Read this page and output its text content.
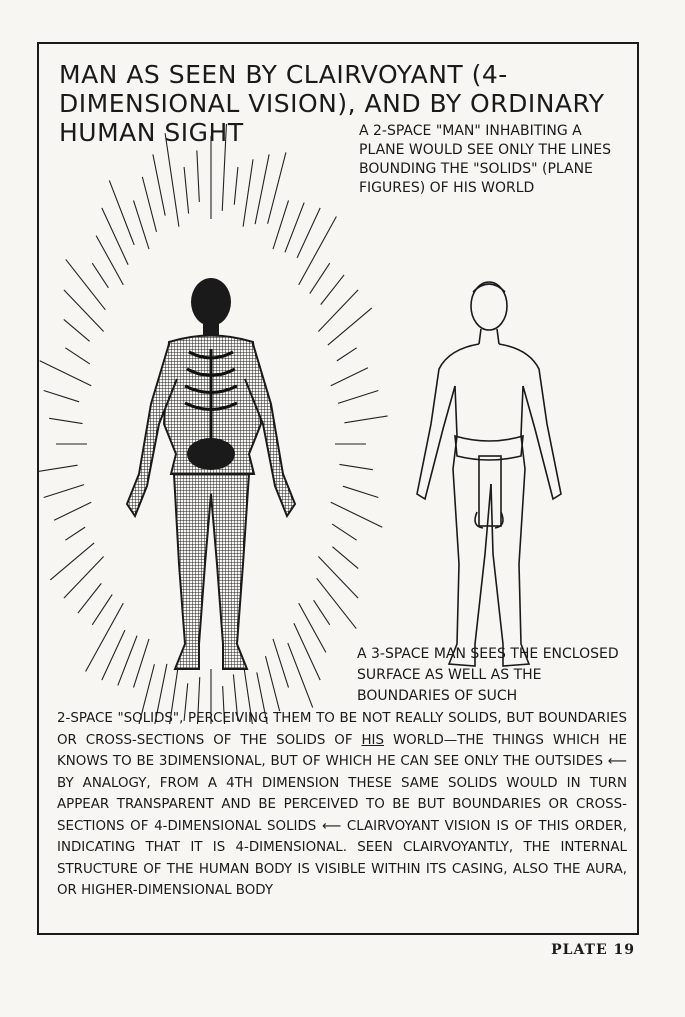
MAN AS SEEN BY CLAIRVOYANT (4-DIMENSIONAL VISION), AND BY ORDINARY HUMAN SIGHT	A 2-SPACE "MAN" INHABITING A PLANE WOULD SEE ONLY THE LINES BOUNDING THE "SOLIDS" (PLANE FIGURES) OF HIS WORLD

A 3-SPACE MAN SEES THE ENCLOSED SURFACE AS WELL AS THE BOUNDARIES OF SUCH

2-SPACE "SOLIDS", PERCEIVING THEM TO BE NOT REALLY SOLIDS, BUT BOUNDARIES OR CROSS-SECTIONS OF THE SOLIDS OF HIS WORLD—THE THINGS WHICH HE KNOWS TO BE 3DIMENSIONAL, BUT OF WHICH HE CAN SEE ONLY THE OUTSIDES ⟵ BY ANALOGY, FROM A 4TH DIMENSION THESE SAME SOLIDS WOULD IN TURN APPEAR TRANSPARENT AND BE PERCEIVED TO BE BUT BOUNDARIES OR CROSS-SECTIONS OF 4-DIMENSIONAL SOLIDS ⟵ CLAIRVOYANT VISION IS OF THIS ORDER, INDICATING THAT IT IS 4-DIMENSIONAL. SEEN CLAIRVOYANTLY, THE INTERNAL STRUCTURE OF THE HUMAN BODY IS VISIBLE WITHIN ITS CASING, ALSO THE AURA, OR HIGHER-DIMENSIONAL BODY

PLATE 19
